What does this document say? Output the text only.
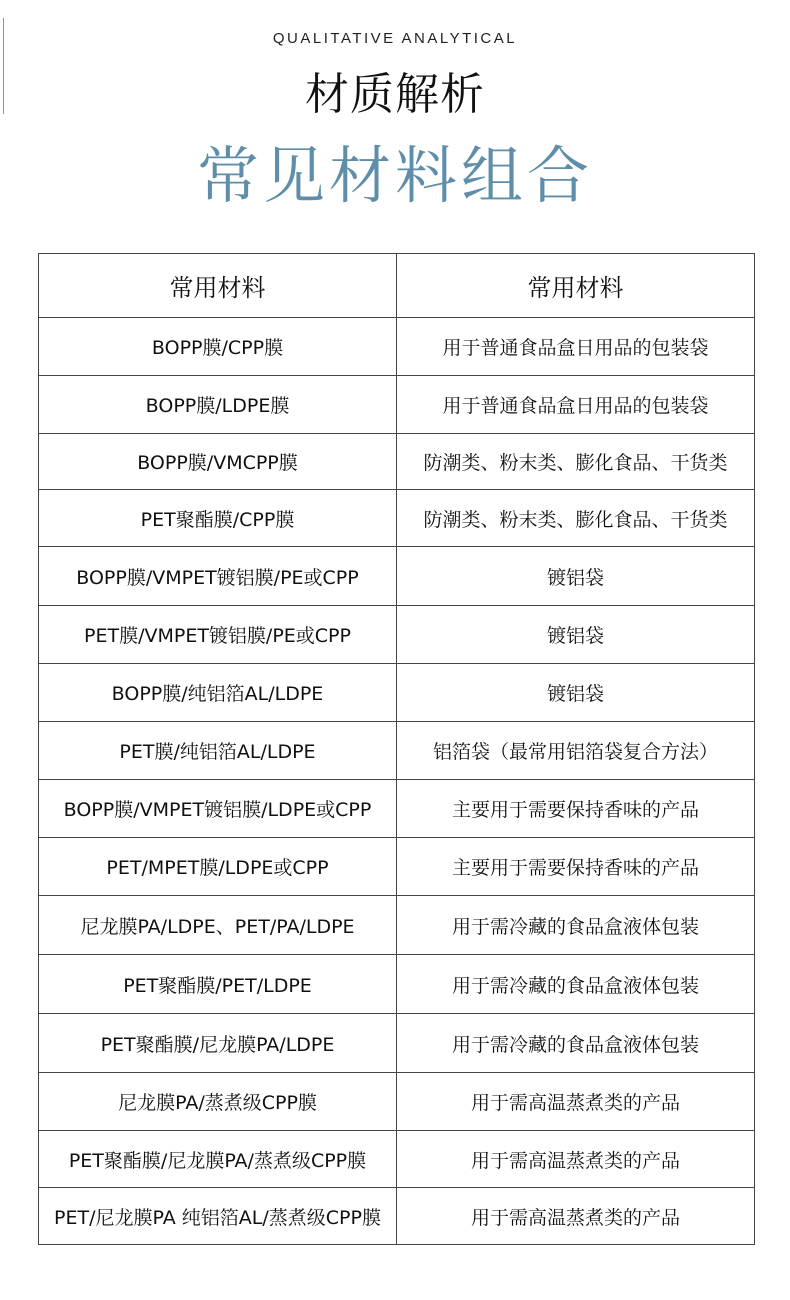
QUALITATIVE ANALYTICAL
材质解析
常见材料组合
常用材料	常用材料
BOPP膜/CPP膜	用于普通食品盒日用品的包装袋
BOPP膜/LDPE膜	用于普通食品盒日用品的包装袋
BOPP膜/VMCPP膜	防潮类、粉末类、膨化食品、干货类
PET聚酯膜/CPP膜	防潮类、粉末类、膨化食品、干货类
BOPP膜/VMPET镀铝膜/PE或CPP	镀铝袋
PET膜/VMPET镀铝膜/PE或CPP	镀铝袋
BOPP膜/纯铝箔AL/LDPE	镀铝袋
PET膜/纯铝箔AL/LDPE	铝箔袋（最常用铝箔袋复合方法）
BOPP膜/VMPET镀铝膜/LDPE或CPP	主要用于需要保持香味的产品
PET/MPET膜/LDPE或CPP	主要用于需要保持香味的产品
尼龙膜PA/LDPE、PET/PA/LDPE	用于需冷藏的食品盒液体包装
PET聚酯膜/PET/LDPE	用于需冷藏的食品盒液体包装
PET聚酯膜/尼龙膜PA/LDPE	用于需冷藏的食品盒液体包装
尼龙膜PA/蒸煮级CPP膜	用于需高温蒸煮类的产品
PET聚酯膜/尼龙膜PA/蒸煮级CPP膜	用于需高温蒸煮类的产品
PET/尼龙膜PA 纯铝箔AL/蒸煮级CPP膜	用于需高温蒸煮类的产品
